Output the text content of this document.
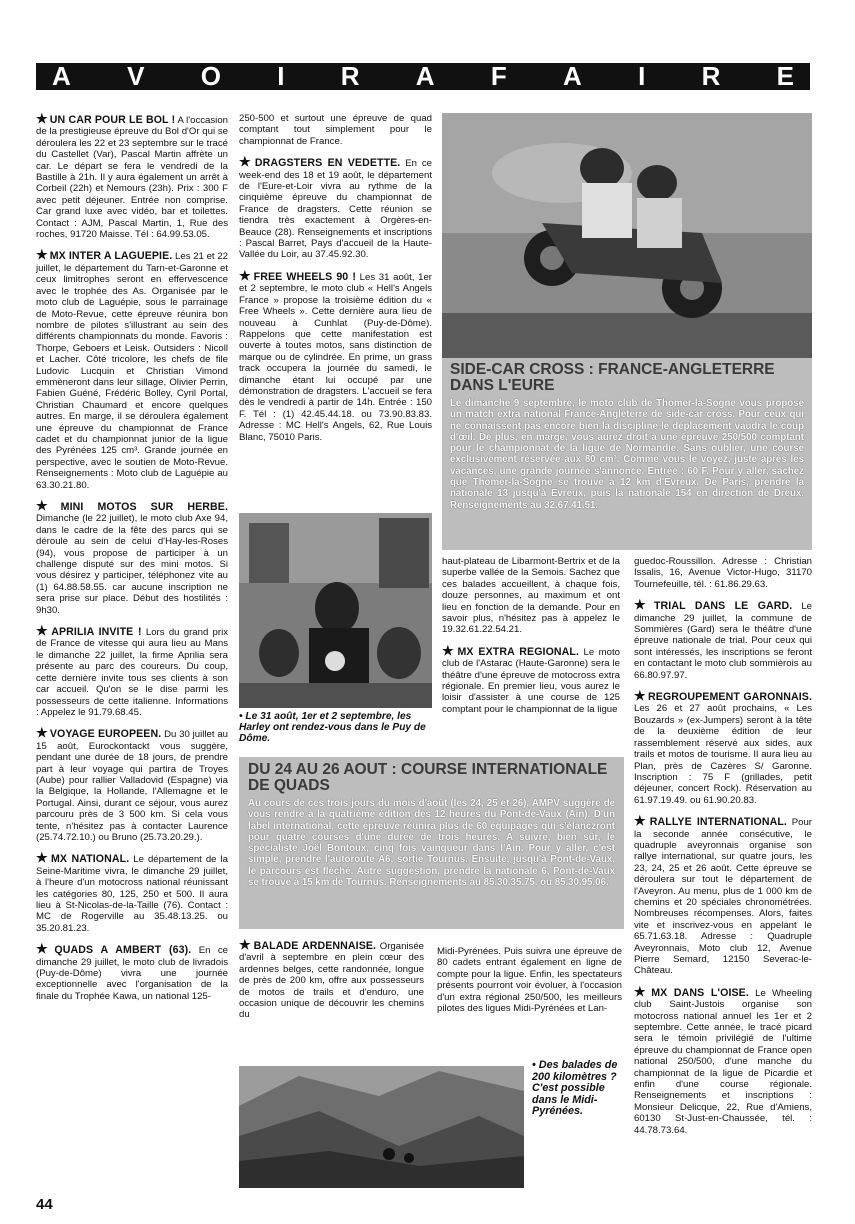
A V O I R A F A I R E

★ UN CAR POUR LE BOL ! A l'occasion de la prestigieuse épreuve du Bol d'Or qui se déroulera les 22 et 23 septembre sur le tracé du Castellet (Var), Pascal Martin affrète un car. Le départ se fera le vendredi de la Bastille à 21h. Il y aura également un arrêt à Corbeil (22h) et Nemours (23h). Prix : 300 F avec petit déjeuner. Entrée non comprise. Car grand luxe avec vidéo, bar et toilettes. Contact : AJM, Pascal Martin, 1, Rue des roches, 91720 Maisse. Tél : 64.99.53.05.

★ MX INTER A LAGUEPIE. Les 21 et 22 juillet, le département du Tarn-et-Garonne et ceux limitrophes seront en effervescence avec le trophée des As. Organisée par le moto club de Laguépie, sous le parrainage de Moto-Revue, cette épreuve réunira bon nombre de pilotes s'illustrant au sein des différents championnats du monde. Favoris : Thorpe, Geboers et Leisk. Outsiders : Nicoll et Lacher. Côté tricolore, les chefs de file Ludovic Lucquin et Christian Vimond emmèneront dans leur sillage, Olivier Perrin, Fabien Guéné, Frédéric Bolley, Cyril Portal, Christian Chaumard et encore quelques autres. En marge, il se déroulera également une épreuve du championnat de France cadet et du championnat junior de la ligue des Pyrénées 125 cm³. Grande journée en perspective, avec le soutien de Moto-Revue. Renseignements : Moto club de Laguépie au 63.30.21.80.

★ MINI MOTOS SUR HERBE. Dimanche (le 22 juillet), le moto club Axe 94, dans le cadre de la fête des parcs qui se déroule au sein de celui d'Hay-les-Roses (94), vous propose de participer à un challenge disputé sur des mini motos. Si vous désirez y participer, téléphonez vite au (1) 64.88.58.55. car aucune inscription ne sera prise sur place. Début des hostilités : 9h30.

★ APRILIA INVITE ! Lors du grand prix de France de vitesse qui aura lieu au Mans le dimanche 22 juillet, la firme Aprilia sera présente au parc des coureurs. Du coup, cette dernière invite tous ses clients à son car accueil. Qu'on se le dise parmi les possesseurs de cette italienne. Informations : Appelez le 91.79.68.45.

★ VOYAGE EUROPEEN. Du 30 juillet au 15 août, Eurockontackt vous suggère, pendant une durée de 18 jours, de prendre part à leur voyage qui partira de Troyes (Aube) pour rallier Valladovid (Espagne) via la Belgique, la Hollande, l'Allemagne et le Portugal. Ainsi, durant ce séjour, vous aurez parcouru près de 3 500 km. Si cela vous tente, n'hésitez pas à contacter Laurence (25.74.72.10.) ou Bruno (25.73.20.29.).

★ MX NATIONAL. Le département de la Seine-Maritime vivra, le dimanche 29 juillet, à l'heure d'un motocross national réunissant les catégories 80, 125, 250 et 500. Il aura lieu à St-Nicolas-de-la-Taille (76). Contact : MC de Rogerville au 35.48.13.25. ou 35.20.81.23.

★ QUADS A AMBERT (63). En ce dimanche 29 juillet, le moto club de livradois (Puy-de-Dôme) vivra une journée exceptionnelle avec l'organisation de la finale du Trophée Kawa, un national 125-

250-500 et surtout une épreuve de quad comptant tout simplement pour le championnat de France.

★ DRAGSTERS EN VEDETTE. En ce week-end des 18 et 19 août, le département de l'Eure-et-Loir vivra au rythme de la cinquième épreuve du championnat de France de dragsters. Cette réunion se tiendra très exactement à Orgères-en-Beauce (28). Renseignements et inscriptions : Pascal Barret, Pays d'accueil de la Haute-Vallée du Loir, au 37.45.92.30.

★ FREE WHEELS 90 ! Les 31 août, 1er et 2 septembre, le moto club « Hell's Angels France » propose la troisième édition du « Free Wheels ». Cette dernière aura lieu de nouveau à Cunhlat (Puy-de-Dôme). Rappelons que cette manifestation est ouverte à toutes motos, sans distinction de marque ou de cylindrée. En prime, un grass track occupera la journée du samedi, le dimanche étant lui occupé par une démonstration de dragsters. L'accueil se fera dès le vendredi à partir de 14h. Entrée : 150 F. Tél : (1) 42.45.44.18. ou 73.90.83.83. Adresse : MC Hell's Angels, 62, Rue Louis Blanc, 75010 Paris.

• Le 31 août, 1er et 2 septembre, les Harley ont rendez-vous dans le Puy de Dôme.
SIDE-CAR CROSS : FRANCE-ANGLETERRE DANS L'EURE
Le dimanche 9 septembre, le moto club de Thomer-la-Sogne vous propose un match extra national France-Angleterre de side-car cross. Pour ceux qui ne connaissent pas encore bien la discipline le déplacement vaudra le coup d'œil. De plus, en marge, vous aurez droit à une épreuve 250/500 comptant pour le championnat de la ligue de Normandie. Sans oublier, une course exclusivement réservée aux 80 cm³. Comme vous le voyez, juste après les vacances, une grande journée s'annonce. Entrée : 60 F. Pour y aller, sachez que Thomer-la-Sogne se trouve à 12 km d'Evreux. De Paris, prendre la nationale 13 jusqu'à Evreux, puis la nationale 154 en direction de Dreux. Renseignements au 32.67.41.51.

haut-plateau de Libarmont-Bertrix et de la superbe vallée de la Semois. Sachez que ces balades accueillent, à chaque fois, douze personnes, au maximum et ont lieu en fonction de la demande. Pour en savoir plus, n'hésitez pas à appelez le 19.32.61.22.54.21.

★ MX EXTRA REGIONAL. Le moto club de l'Astarac (Haute-Garonne) sera le théâtre d'une épreuve de motocross extra régionale. En premier lieu, vous aurez le loisir d'assister à une course de 125 comptant pour le championnat de la ligue

guedoc-Roussillon. Adresse : Christian Issalis, 16, Avenue Victor-Hugo, 31170 Tournefeuille, tél. : 61.86.29.63.

★ TRIAL DANS LE GARD. Le dimanche 29 juillet, la commune de Sommières (Gard) sera le théâtre d'une épreuve nationale de trial. Pour ceux qui sont intéressés, les inscriptions se feront en contactant le moto club sommièrois au 66.80.97.97.

★ REGROUPEMENT GARONNAIS. Les 26 et 27 août prochains, « Les Bouzards » (ex-Jumpers) seront à la tête de la deuxième édition de leur rassemblement réservé aux sides, aux trails et motos de tourisme. Il aura lieu au Plan, près de Cazères S/ Garonne. Inscription : 75 F (grillades, petit déjeuner, concert Rock). Réservation au 61.97.19.49. ou 61.90.20.83.

★ RALLYE INTERNATIONAL. Pour la seconde année consécutive, le quadruple aveyronnais organise son rallye international, sur quatre jours, les 23, 24, 25 et 26 août. Cette épreuve se déroulera sur tout le département de l'Aveyron. Au menu, plus de 1 000 km de chemins et 20 spéciales chronométrées. Nombreuses récompenses. Alors, faites vite et inscrivez-vous en appelant le 65.71.63.18. Adresse : Quadruple Aveyronnais, Moto club 12, Avenue Pierre Semard, 12150 Severac-le-Château.

★ MX DANS L'OISE. Le Wheeling club Saint-Justois organise son motocross national annuel les 1er et 2 septembre. Cette année, le tracé picard sera le témoin privilégié de l'ultime épreuve du championnat de France open national 250/500, d'une manche du championnat de la ligue de Picardie et enfin d'une course régionale. Renseignements et inscriptions : Monsieur Delicque, 22, Rue d'Amiens, 60130 St-Just-en-Chaussée, tél. : 44.78.73.64.

DU 24 AU 26 AOUT : COURSE INTERNATIONALE DE QUADS
Au cours de ces trois jours du mois d'août (les 24, 25 et 26), AMPV suggère de vous rendre à la quatrième édition des 12 heures du Pont-de-Vaux (Ain). D'un label international, cette épreuve réunira plus de 60 équipages qui s'élanczront pour quatre courses d'une durée de trois heures. A suivre, bien sûr, le spécialiste Joël Bontoux, cinq fois vainqueur dans l'Ain. Pour y aller, c'est simple, prendre l'autoroute A6, sortie Tournus. Ensuite, jusqu'à Pont-de-Vaux, le parcours est fléché. Autre suggestion, prendre la nationale 6, Pont-de-Vaux se trouve à 15 km de Tournus. Renseignements au 85.30.35.75. ou 85.30.95.06.

★ BALADE ARDENNAISE. Organisée d'avril à septembre en plein cœur des ardennes belges, cette randonnée, longue de près de 200 km, offre aux possesseurs de motos de trails et d'enduro, une occasion unique de découvrir les chemins du

Midi-Pyrénées. Puis suivra une épreuve de 80 cadets entrant également en ligne de compte pour la ligue. Enfin, les spectateurs présents pourront voir évoluer, à l'occasion d'un extra régional 250/500, les meilleurs pilotes des ligues Midi-Pyrénées et Lan-

• Des balades de 200 kilomètres ? C'est possible dans le Midi-Pyrénées.
44
